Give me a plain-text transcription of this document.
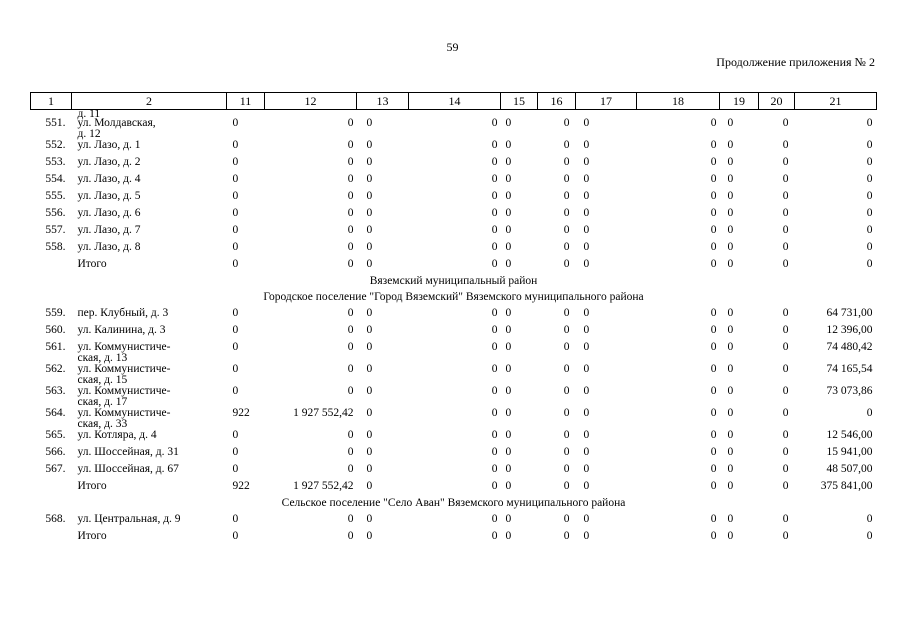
59
Продолжение приложения № 2
1	2	11	12	13	14	15	16	17	18	19	20	21
	д. 11											
551.	ул. Молдавская,
д. 12	0	0	0	0	0	0	0	0	0	0	0
552.	ул. Лазо, д. 1	0	0	0	0	0	0	0	0	0	0	0
553.	ул. Лазо, д. 2	0	0	0	0	0	0	0	0	0	0	0
554.	ул. Лазо, д. 4	0	0	0	0	0	0	0	0	0	0	0
555.	ул. Лазо, д. 5	0	0	0	0	0	0	0	0	0	0	0
556.	ул. Лазо, д. 6	0	0	0	0	0	0	0	0	0	0	0
557.	ул. Лазо, д. 7	0	0	0	0	0	0	0	0	0	0	0
558.	ул. Лазо, д. 8	0	0	0	0	0	0	0	0	0	0	0
	Итого	0	0	0	0	0	0	0	0	0	0	0
Вяземский муниципальный район												
Городское поселение "Город Вяземский" Вяземского муниципального района												
559.	пер. Клубный, д. 3	0	0	0	0	0	0	0	0	0	0	64 731,00
560.	ул. Калинина, д. 3	0	0	0	0	0	0	0	0	0	0	12 396,00
561.	ул. Коммунистиче-
ская, д. 13	0	0	0	0	0	0	0	0	0	0	74 480,42
562.	ул. Коммунистиче-
ская, д. 15	0	0	0	0	0	0	0	0	0	0	74 165,54
563.	ул. Коммунистиче-
ская, д. 17	0	0	0	0	0	0	0	0	0	0	73 073,86
564.	ул. Коммунистиче-
ская, д. 33	922	1 927 552,42	0	0	0	0	0	0	0	0	0
565.	ул. Котляра, д. 4	0	0	0	0	0	0	0	0	0	0	12 546,00
566.	ул. Шоссейная, д. 31	0	0	0	0	0	0	0	0	0	0	15 941,00
567.	ул. Шоссейная, д. 67	0	0	0	0	0	0	0	0	0	0	48 507,00
	Итого	922	1 927 552,42	0	0	0	0	0	0	0	0	375 841,00
Сельское поселение "Село Аван" Вяземского муниципального района												
568.	ул. Центральная, д. 9	0	0	0	0	0	0	0	0	0	0	0
	Итого	0	0	0	0	0	0	0	0	0	0	0
